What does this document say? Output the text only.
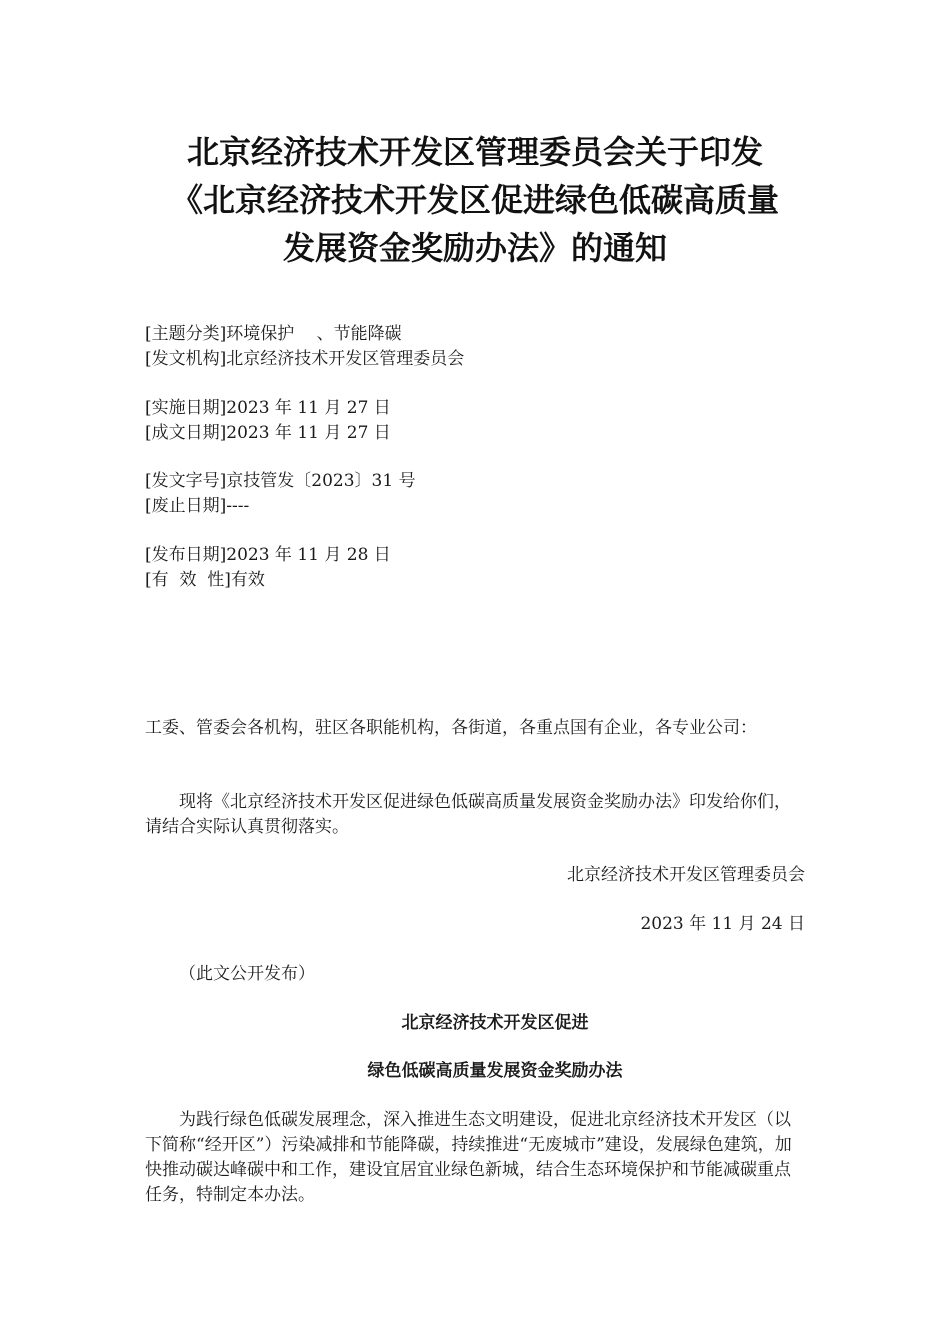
北京经济技术开发区管理委员会关于印发
《北京经济技术开发区促进绿色低碳高质量
发展资金奖励办法》的通知
[主题分类]环境保护　 、节能降碳
[发文机构]北京经济技术开发区管理委员会
[实施日期]2023 年 11 月 27 日
[成文日期]2023 年 11 月 27 日
[发文字号]京技管发〔2023〕31 号
[废止日期]----
[发布日期]2023 年 11 月 28 日
[有  效  性]有效
工委、管委会各机构，驻区各职能机构，各街道，各重点国有企业，各专业公司：
现将《北京经济技术开发区促进绿色低碳高质量发展资金奖励办法》印发给你们，请结合实际认真贯彻落实。
北京经济技术开发区管理委员会
2023 年 11 月 24 日
（此文公开发布）
北京经济技术开发区促进
绿色低碳高质量发展资金奖励办法
为践行绿色低碳发展理念，深入推进生态文明建设，促进北京经济技术开发区（以下简称“经开区”）污染减排和节能降碳，持续推进“无废城市”建设，发展绿色建筑，加快推动碳达峰碳中和工作，建设宜居宜业绿色新城，结合生态环境保护和节能减碳重点任务，特制定本办法。
